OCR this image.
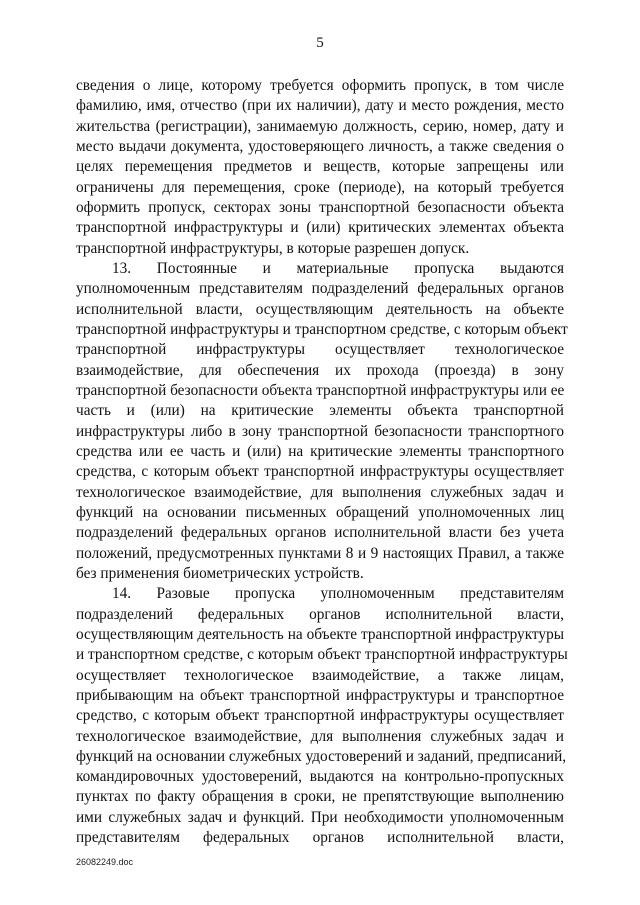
5
сведения о лице, которому требуется оформить пропуск, в том числе
фамилию, имя, отчество (при их наличии), дату и место рождения, место
жительства (регистрации), занимаемую должность, серию, номер, дату и
место выдачи документа, удостоверяющего личность, а также сведения о
целях перемещения предметов и веществ, которые запрещены или
ограничены для перемещения, сроке (периоде), на который требуется
оформить пропуск, секторах зоны транспортной безопасности объекта
транспортной инфраструктуры и (или) критических элементах объекта
транспортной инфраструктуры, в которые разрешен допуск.
13. Постоянные и материальные пропуска выдаются
уполномоченным представителям подразделений федеральных органов
исполнительной власти, осуществляющим деятельность на объекте
транспортной инфраструктуры и транспортном средстве, с которым объект
транспортной инфраструктуры осуществляет технологическое
взаимодействие, для обеспечения их прохода (проезда) в зону
транспортной безопасности объекта транспортной инфраструктуры или ее
часть и (или) на критические элементы объекта транспортной
инфраструктуры либо в зону транспортной безопасности транспортного
средства или ее часть и (или) на критические элементы транспортного
средства, с которым объект транспортной инфраструктуры осуществляет
технологическое взаимодействие, для выполнения служебных задач и
функций на основании письменных обращений уполномоченных лиц
подразделений федеральных органов исполнительной власти без учета
положений, предусмотренных пунктами 8 и 9 настоящих Правил, а также
без применения биометрических устройств.
14. Разовые пропуска уполномоченным представителям
подразделений федеральных органов исполнительной власти,
осуществляющим деятельность на объекте транспортной инфраструктуры
и транспортном средстве, с которым объект транспортной инфраструктуры
осуществляет технологическое взаимодействие, а также лицам,
прибывающим на объект транспортной инфраструктуры и транспортное
средство, с которым объект транспортной инфраструктуры осуществляет
технологическое взаимодействие, для выполнения служебных задач и
функций на основании служебных удостоверений и заданий, предписаний,
командировочных удостоверений, выдаются на контрольно-пропускных
пунктах по факту обращения в сроки, не препятствующие выполнению
ими служебных задач и функций. При необходимости уполномоченным
представителям федеральных органов исполнительной власти,
26082249.doc
